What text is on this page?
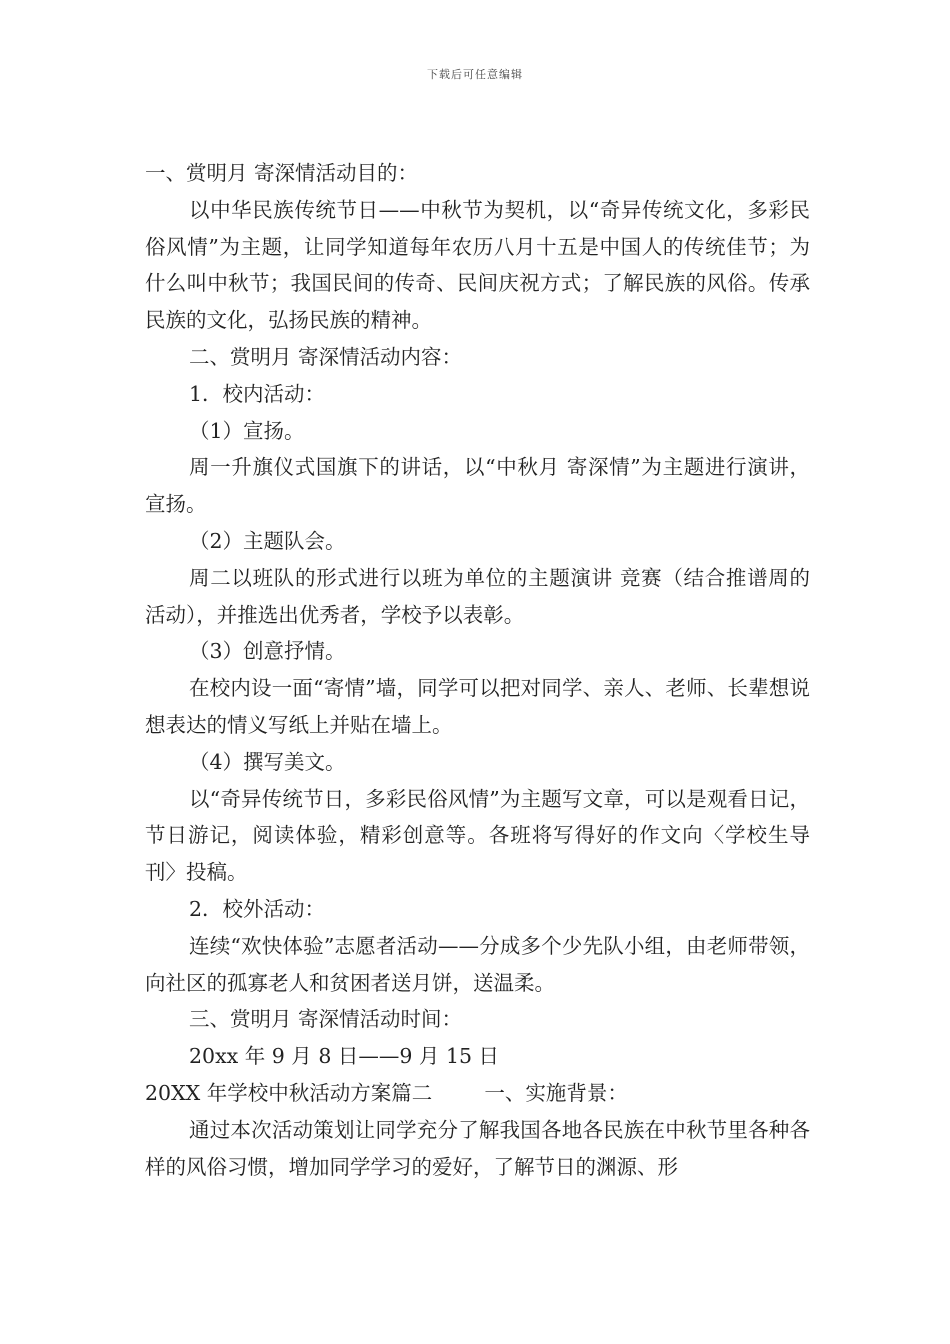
下载后可任意编辑

一、赏明月 寄深情活动目的：

以中华民族传统节日——中秋节为契机，以“奇异传统文化，多彩民俗风情”为主题，让同学知道每年农历八月十五是中国人的传统佳节；为什么叫中秋节；我国民间的传奇、民间庆祝方式；了解民族的风俗。传承民族的文化，弘扬民族的精神。

二、赏明月 寄深情活动内容：

1．校内活动：

（1）宣扬。

周一升旗仪式国旗下的讲话，以“中秋月 寄深情”为主题进行演讲，宣扬。

（2）主题队会。

周二以班队的形式进行以班为单位的主题演讲 竞赛（结合推谱周的活动），并推选出优秀者，学校予以表彰。

（3）创意抒情。

在校内设一面“寄情”墙，同学可以把对同学、亲人、老师、长辈想说想表达的情义写纸上并贴在墙上。

（4）撰写美文。

以“奇异传统节日，多彩民俗风情”为主题写文章，可以是观看日记，节日游记，阅读体验，精彩创意等。各班将写得好的作文向〈学校生导刊〉投稿。

2．校外活动：

连续“欢快体验”志愿者活动——分成多个少先队小组，由老师带领，向社区的孤寡老人和贫困者送月饼，送温柔。

三、赏明月 寄深情活动时间：

20xx 年 9 月 8 日——9 月 15 日

20XX 年学校中秋活动方案篇二        一、实施背景：

通过本次活动策划让同学充分了解我国各地各民族在中秋节里各种各样的风俗习惯，增加同学学习的爱好，了解节日的渊源、形
